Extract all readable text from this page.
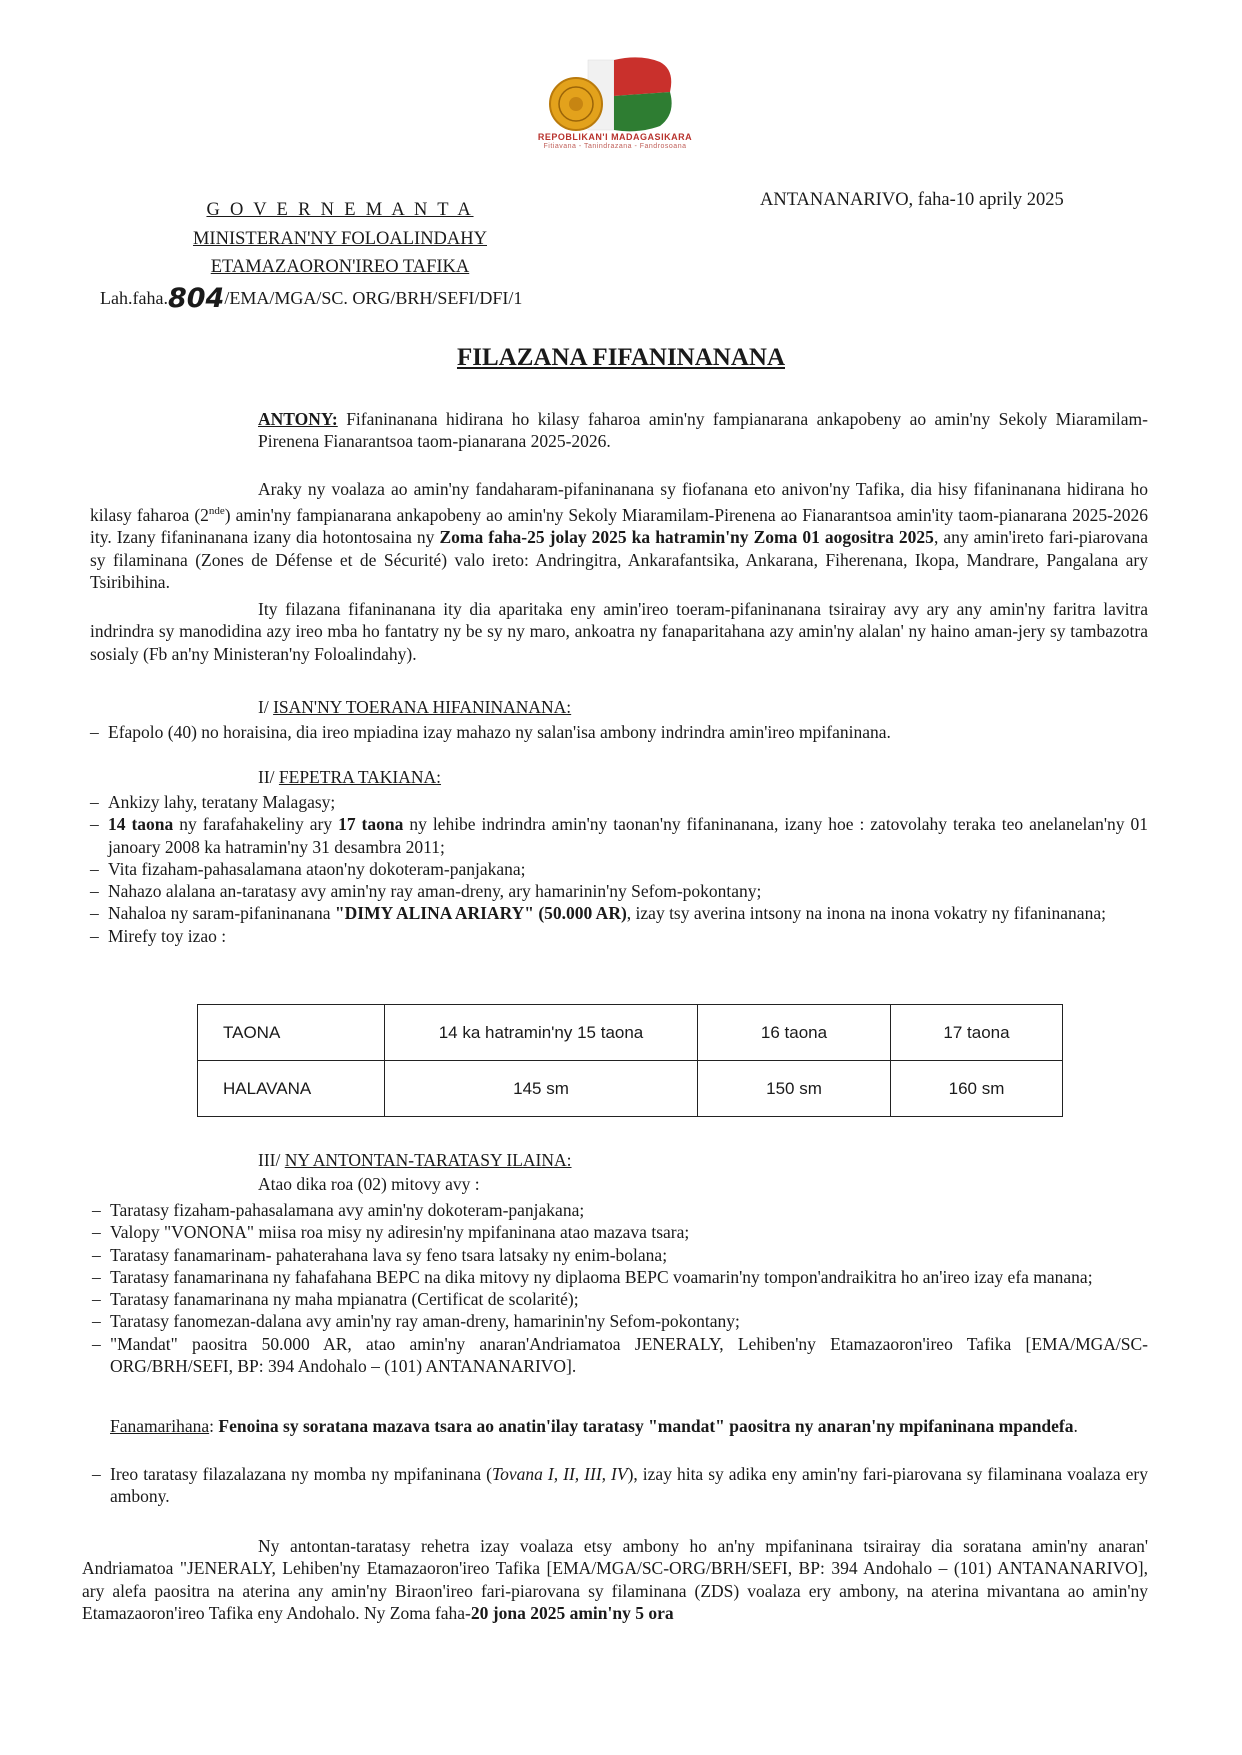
REPOBLIKAN'I MADAGASIKARA
Fitiavana - Tanindrazana - Fandrosoana
G O V E R N E M A N T A
MINISTERAN'NY FOLOALINDAHY
ETAMAZAORON'IREO TAFIKA
ANTANANARIVO, faha-10 aprily 2025
Lah.faha.804/EMA/MGA/SC. ORG/BRH/SEFI/DFI/1
FILAZANA FIFANINANANA
ANTONY: Fifaninanana hidirana ho kilasy faharoa amin'ny fampianarana ankapobeny ao amin'ny Sekoly Miaramilam-Pirenena Fianarantsoa taom-pianarana 2025-2026.
Araky ny voalaza ao amin'ny fandaharam-pifaninanana sy fiofanana eto anivon'ny Tafika, dia hisy fifaninanana hidirana ho kilasy faharoa (2nde) amin'ny fampianarana ankapobeny ao amin'ny Sekoly Miaramilam-Pirenena ao Fianarantsoa amin'ity taom-pianarana 2025-2026 ity. Izany fifaninanana izany dia hotontosaina ny Zoma faha-25 jolay 2025 ka hatramin'ny Zoma 01 aogositra 2025, any amin'ireto fari-piarovana sy filaminana (Zones de Défense et de Sécurité) valo ireto: Andringitra, Ankarafantsika, Ankarana, Fiherenana, Ikopa, Mandrare, Pangalana ary Tsiribihina.
Ity filazana fifaninanana ity dia aparitaka eny amin'ireo toeram-pifaninanana tsirairay avy ary any amin'ny faritra lavitra indrindra sy manodidina azy ireo mba ho fantatry ny be sy ny maro, ankoatra ny fanaparitahana azy amin'ny alalan' ny haino aman-jery sy tambazotra sosialy (Fb an'ny Ministeran'ny Foloalindahy).
I/ ISAN'NY TOERANA HIFANINANANA:
– Efapolo (40) no horaisina, dia ireo mpiadina izay mahazo ny salan'isa ambony indrindra amin'ireo mpifaninana.
II/ FEPETRA TAKIANA:
– Ankizy lahy, teratany Malagasy;
– 14 taona ny farafahakeliny ary 17 taona ny lehibe indrindra amin'ny taonan'ny fifaninanana, izany hoe : zatovolahy teraka teo anelanelan'ny 01 janoary 2008 ka hatramin'ny 31 desambra 2011;
– Vita fizaham-pahasalamana ataon'ny dokoteram-panjakana;
– Nahazo alalana an-taratasy avy amin'ny ray aman-dreny, ary hamarinin'ny Sefom-pokontany;
– Nahaloa ny saram-pifaninanana "DIMY ALINA ARIARY" (50.000 AR), izay tsy averina intsony na inona na inona vokatry ny fifaninanana;
– Mirefy toy izao :
TAONA	14 ka hatramin'ny 15 taona	16 taona	17 taona
HALAVANA	145 sm	150 sm	160 sm
III/ NY ANTONTAN-TARATASY ILAINA:
Atao dika roa (02) mitovy avy :
– Taratasy fizaham-pahasalamana avy amin'ny dokoteram-panjakana;
– Valopy "VONONA" miisa roa misy ny adiresin'ny mpifaninana atao mazava tsara;
– Taratasy fanamarinam- pahaterahana lava sy feno tsara latsaky ny enim-bolana;
– Taratasy fanamarinana ny fahafahana BEPC na dika mitovy ny diplaoma BEPC voamarin'ny tompon'andraikitra ho an'ireo izay efa manana;
– Taratasy fanamarinana ny maha mpianatra (Certificat de scolarité);
– Taratasy fanomezan-dalana avy amin'ny ray aman-dreny, hamarinin'ny Sefom-pokontany;
– "Mandat" paositra 50.000 AR, atao amin'ny anaran'Andriamatoa JENERALY, Lehiben'ny Etamazaoron'ireo Tafika [EMA/MGA/SC-ORG/BRH/SEFI, BP: 394 Andohalo – (101) ANTANANARIVO].
Fanamarihana: Fenoina sy soratana mazava tsara ao anatin'ilay taratasy "mandat" paositra ny anaran'ny mpifaninana mpandefa.
– Ireo taratasy filazalazana ny momba ny mpifaninana (Tovana I, II, III, IV), izay hita sy adika eny amin'ny fari-piarovana sy filaminana voalaza ery ambony.
Ny antontan-taratasy rehetra izay voalaza etsy ambony ho an'ny mpifaninana tsirairay dia soratana amin'ny anaran' Andriamatoa "JENERALY, Lehiben'ny Etamazaoron'ireo Tafika [EMA/MGA/SC-ORG/BRH/SEFI, BP: 394 Andohalo – (101) ANTANANARIVO], ary alefa paositra na aterina any amin'ny Biraon'ireo fari-piarovana sy filaminana (ZDS) voalaza ery ambony, na aterina mivantana ao amin'ny Etamazaoron'ireo Tafika eny Andohalo. Ny Zoma faha-20 jona 2025 amin'ny 5 ora
